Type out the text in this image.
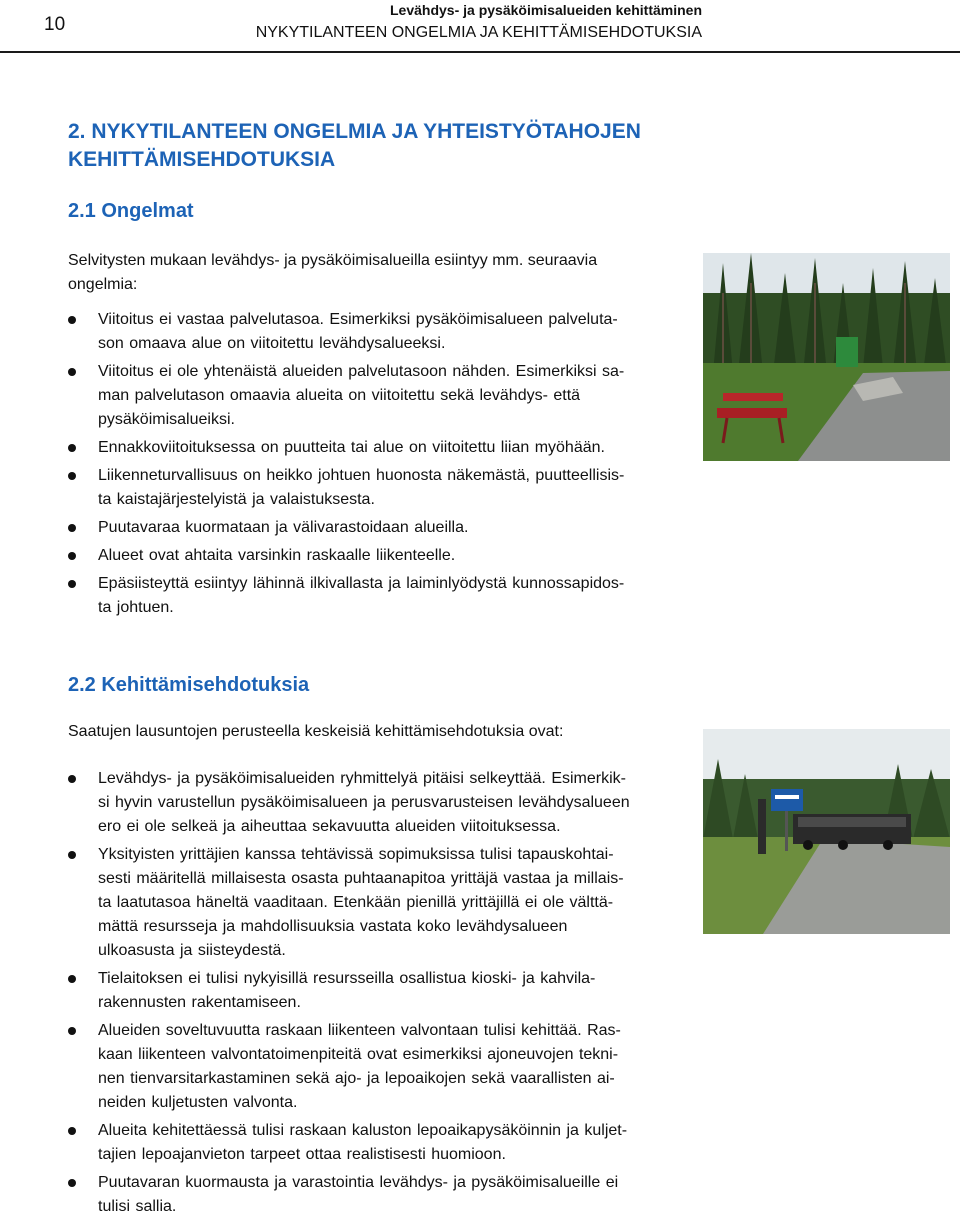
10
Levähdys- ja pysäköimisalueiden kehittäminen
NYKYTILANTEEN ONGELMIA JA KEHITTÄMISEHDOTUKSIA
2. NYKYTILANTEEN ONGELMIA JA YHTEISTYÖTAHOJEN
KEHITTÄMISEHDOTUKSIA
2.1 Ongelmat
Selvitysten mukaan levähdys- ja pysäköimisalueilla esiintyy mm. seuraavia
ongelmia:
Viitoitus ei vastaa palvelutasoa. Esimerkiksi pysäköimisalueen palveluta-
son omaava alue on viitoitettu levähdysalueeksi.
Viitoitus ei ole yhtenäistä alueiden palvelutasoon nähden. Esimerkiksi sa-
man palvelutason omaavia alueita on viitoitettu sekä levähdys- että
pysäköimisalueiksi.
Ennakkoviitoituksessa on puutteita tai alue on viitoitettu liian myöhään.
Liikenneturvallisuus on heikko johtuen huonosta näkemästä, puutteellisis-
ta kaistajärjestelyistä ja valaistuksesta.
Puutavaraa kuormataan ja välivarastoidaan alueilla.
Alueet ovat ahtaita varsinkin raskaalle liikenteelle.
Epäsiisteyttä esiintyy lähinnä ilkivallasta ja laiminlyödystä kunnossapidos-
ta johtuen.
2.2 Kehittämisehdotuksia
Saatujen lausuntojen perusteella keskeisiä kehittämisehdotuksia ovat:
Levähdys- ja pysäköimisalueiden ryhmittelyä pitäisi selkeyttää. Esimerkik-
si hyvin varustellun pysäköimisalueen ja perusvarusteisen levähdysalueen
ero ei ole selkeä ja aiheuttaa sekavuutta alueiden viitoituksessa.
Yksityisten yrittäjien kanssa tehtävissä sopimuksissa tulisi tapauskohtai-
sesti määritellä millaisesta osasta puhtaanapitoa yrittäjä vastaa ja millais-
ta laatutasoa häneltä vaaditaan. Etenkään pienillä yrittäjillä ei ole välttä-
mättä resursseja ja mahdollisuuksia vastata koko levähdysalueen
ulkoasusta ja siisteydestä.
Tielaitoksen ei tulisi nykyisillä resursseilla osallistua kioski- ja kahvila-
rakennusten rakentamiseen.
Alueiden soveltuvuutta raskaan liikenteen valvontaan tulisi kehittää. Ras-
kaan liikenteen valvontatoimenpiteitä ovat esimerkiksi ajoneuvojen tekni-
nen tienvarsitarkastaminen sekä ajo- ja lepoaikojen sekä vaarallisten ai-
neiden kuljetusten valvonta.
Alueita kehitettäessä tulisi raskaan kaluston lepoaikapysäköinnin ja kuljet-
tajien lepoajanvieton tarpeet ottaa realistisesti huomioon.
Puutavaran kuormausta ja varastointia levähdys- ja pysäköimisalueille ei
tulisi sallia.
